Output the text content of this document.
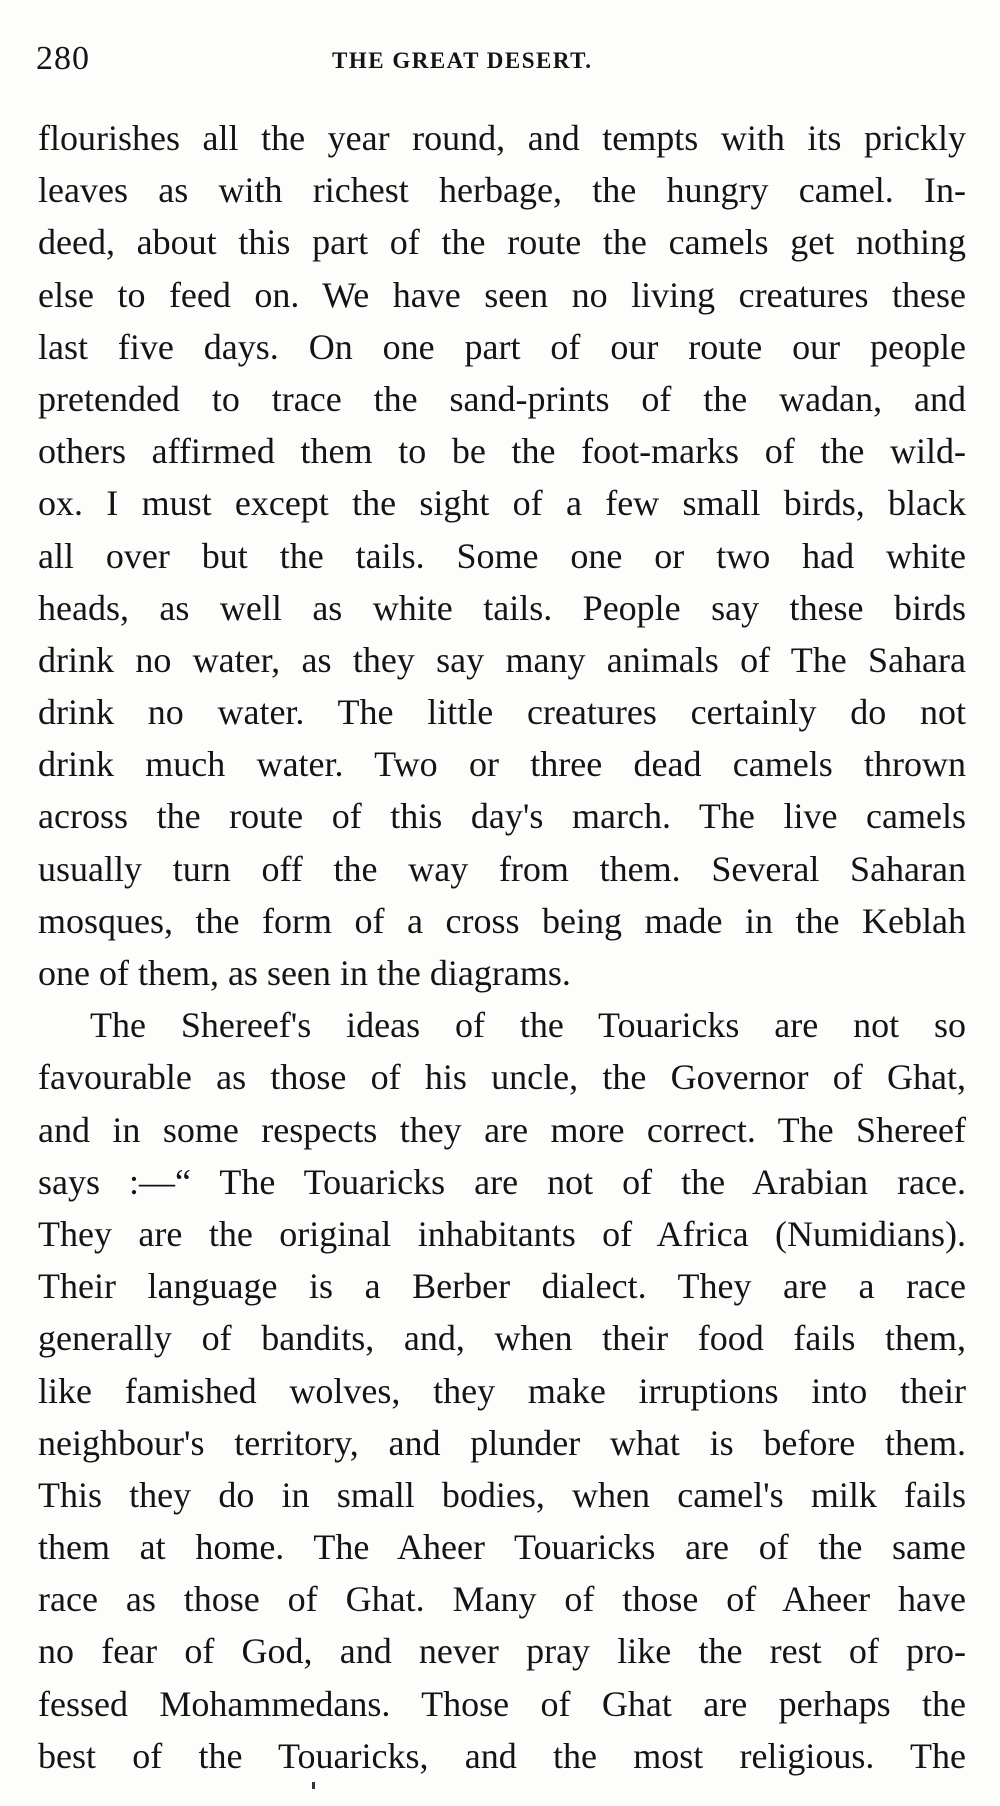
280	THE GREAT DESERT.
flourishes all the year round, and tempts with its prickly
leaves as with richest herbage, the hungry camel. In-
deed, about this part of the route the camels get nothing
else to feed on. We have seen no living creatures these
last five days. On one part of our route our people
pretended to trace the sand-prints of the wadan, and
others affirmed them to be the foot-marks of the wild-
ox. I must except the sight of a few small birds, black
all over but the tails. Some one or two had white
heads, as well as white tails. People say these birds
drink no water, as they say many animals of The Sahara
drink no water. The little creatures certainly do not
drink much water. Two or three dead camels thrown
across the route of this day's march. The live camels
usually turn off the way from them. Several Saharan
mosques, the form of a cross being made in the Keblah
one of them, as seen in the diagrams.
The Shereef's ideas of the Touaricks are not so
favourable as those of his uncle, the Governor of Ghat,
and in some respects they are more correct. The Shereef
says :—“ The Touaricks are not of the Arabian race.
They are the original inhabitants of Africa (Numidians).
Their language is a Berber dialect. They are a race
generally of bandits, and, when their food fails them,
like famished wolves, they make irruptions into their
neighbour's territory, and plunder what is before them.
This they do in small bodies, when camel's milk fails
them at home. The Aheer Touaricks are of the same
race as those of Ghat. Many of those of Aheer have
no fear of God, and never pray like the rest of pro-
fessed Mohammedans. Those of Ghat are perhaps the
best of the Touaricks, and the most religious. The
